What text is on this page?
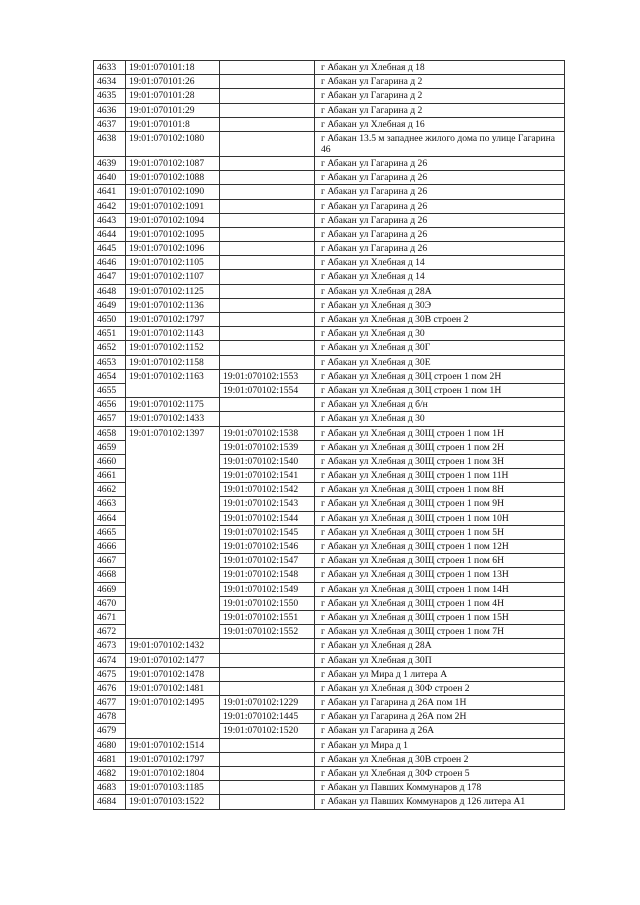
4633	19:01:070101:18		г Абакан ул Хлебная д 18
4634	19:01:070101:26		г Абакан ул Гагарина д 2
4635	19:01:070101:28		г Абакан ул Гагарина д 2
4636	19:01:070101:29		г Абакан ул Гагарина д 2
4637	19:01:070101:8		г Абакан ул Хлебная д 16
4638	19:01:070102:1080		г Абакан 13.5 м западнее жилого дома по улице Гагарина 46
4639	19:01:070102:1087		г Абакан ул Гагарина д 26
4640	19:01:070102:1088		г Абакан ул Гагарина д 26
4641	19:01:070102:1090		г Абакан ул Гагарина д 26
4642	19:01:070102:1091		г Абакан ул Гагарина д 26
4643	19:01:070102:1094		г Абакан ул Гагарина д 26
4644	19:01:070102:1095		г Абакан ул Гагарина д 26
4645	19:01:070102:1096		г Абакан ул Гагарина д 26
4646	19:01:070102:1105		г Абакан ул Хлебная д 14
4647	19:01:070102:1107		г Абакан ул Хлебная д 14
4648	19:01:070102:1125		г Абакан ул Хлебная д 28А
4649	19:01:070102:1136		г Абакан ул Хлебная д 30Э
4650	19:01:070102:1797		г Абакан ул Хлебная д 30В строен 2
4651	19:01:070102:1143		г Абакан ул Хлебная д 30
4652	19:01:070102:1152		г Абакан ул Хлебная д 30Г
4653	19:01:070102:1158		г Абакан ул Хлебная д 30Е
4654	19:01:070102:1163	19:01:070102:1553	г Абакан ул Хлебная д 30Ц строен 1 пом 2Н
4655		19:01:070102:1554	г Абакан ул Хлебная д 30Ц строен 1 пом 1Н
4656	19:01:070102:1175		г Абакан ул Хлебная д б/н
4657	19:01:070102:1433		г Абакан ул Хлебная д 30
4658	19:01:070102:1397	19:01:070102:1538	г Абакан ул Хлебная д 30Щ строен 1 пом 1Н
4659		19:01:070102:1539	г Абакан ул Хлебная д 30Щ строен 1 пом 2Н
4660		19:01:070102:1540	г Абакан ул Хлебная д 30Щ строен 1 пом 3Н
4661		19:01:070102:1541	г Абакан ул Хлебная д 30Щ строен 1 пом 11Н
4662		19:01:070102:1542	г Абакан ул Хлебная д 30Щ строен 1 пом 8Н
4663		19:01:070102:1543	г Абакан ул Хлебная д 30Щ строен 1 пом 9Н
4664		19:01:070102:1544	г Абакан ул Хлебная д 30Щ строен 1 пом 10Н
4665		19:01:070102:1545	г Абакан ул Хлебная д 30Щ строен 1 пом 5Н
4666		19:01:070102:1546	г Абакан ул Хлебная д 30Щ строен 1 пом 12Н
4667		19:01:070102:1547	г Абакан ул Хлебная д 30Щ строен 1 пом 6Н
4668		19:01:070102:1548	г Абакан ул Хлебная д 30Щ строен 1 пом 13Н
4669		19:01:070102:1549	г Абакан ул Хлебная д 30Щ строен 1 пом 14Н
4670		19:01:070102:1550	г Абакан ул Хлебная д 30Щ строен 1 пом 4Н
4671		19:01:070102:1551	г Абакан ул Хлебная д 30Щ строен 1 пом 15Н
4672		19:01:070102:1552	г Абакан ул Хлебная д 30Щ строен 1 пом 7Н
4673	19:01:070102:1432		г Абакан ул Хлебная д 28А
4674	19:01:070102:1477		г Абакан ул Хлебная д 30П
4675	19:01:070102:1478		г Абакан ул Мира д 1 литера А
4676	19:01:070102:1481		г Абакан ул Хлебная д 30Ф строен 2
4677	19:01:070102:1495	19:01:070102:1229	г Абакан ул Гагарина д 26А пом 1Н
4678		19:01:070102:1445	г Абакан ул Гагарина д 26А пом 2Н
4679		19:01:070102:1520	г Абакан ул Гагарина д 26А
4680	19:01:070102:1514		г Абакан ул Мира д 1
4681	19:01:070102:1797		г Абакан ул Хлебная д 30В строен 2
4682	19:01:070102:1804		г Абакан ул Хлебная д 30Ф строен 5
4683	19:01:070103:1185		г Абакан ул Павших Коммунаров д 178
4684	19:01:070103:1522		г Абакан ул Павших Коммунаров д 126 литера А1
